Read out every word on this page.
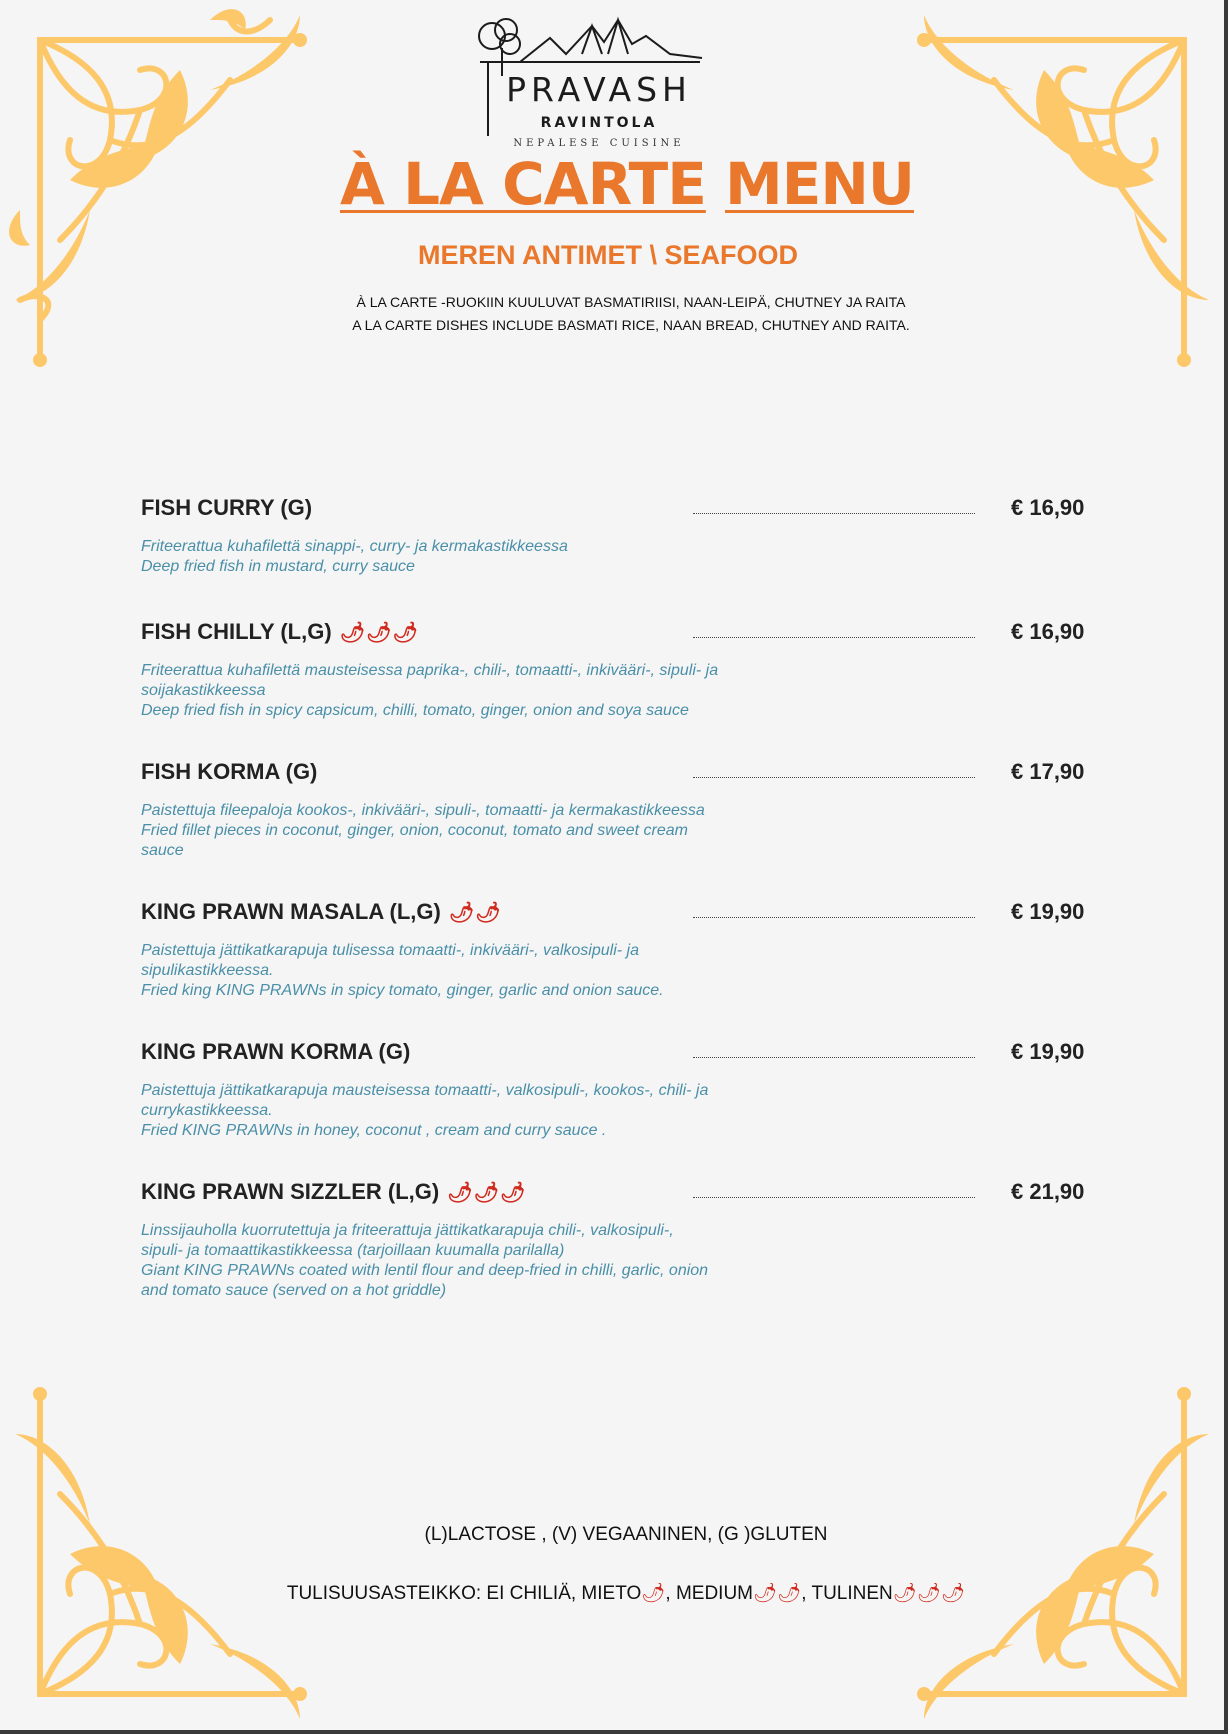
PRAVASH
RAVINTOLA
NEPALESE CUISINE
À LA CARTE MENU
MEREN ANTIMET \ SEAFOOD
À LA CARTE -RUOKIIN KUULUVAT BASMATIRIISI, NAAN-LEIPÄ, CHUTNEY JA RAITA
A LA CARTE DISHES INCLUDE BASMATI RICE, NAAN BREAD, CHUTNEY AND RAITA.
FISH CURRY (G)	€ 16,90
Friteerattua kuhafilettä sinappi-, curry- ja kermakastikkeessa
Deep fried fish in mustard, curry sauce
FISH CHILLY (L,G) 🌶🌶🌶	€ 16,90
Friteerattua kuhafilettä mausteisessa paprika-, chili-, tomaatti-, inkivääri-, sipuli- ja
soijakastikkeessa
Deep fried fish in spicy capsicum, chilli, tomato, ginger, onion and soya sauce
FISH KORMA (G)	€ 17,90
Paistettuja fileepaloja kookos-, inkivääri-, sipuli-, tomaatti- ja kermakastikkeessa
Fried fillet pieces in coconut, ginger, onion, coconut, tomato and sweet cream
sauce
KING PRAWN MASALA (L,G) 🌶🌶	€ 19,90
Paistettuja jättikatkarapuja tulisessa tomaatti-, inkivääri-, valkosipuli- ja
sipulikastikkeessa.
Fried king KING PRAWNs in spicy tomato, ginger, garlic and onion sauce.
KING PRAWN KORMA (G)	€ 19,90
Paistettuja jättikatkarapuja mausteisessa tomaatti-, valkosipuli-, kookos-, chili- ja
currykastikkeessa.
Fried KING PRAWNs in honey, coconut , cream and curry sauce .
KING PRAWN SIZZLER (L,G) 🌶🌶🌶	€ 21,90
Linssijauholla kuorrutettuja ja friteerattuja jättikatkarapuja chili-, valkosipuli-,
sipuli- ja tomaattikastikkeessa (tarjoillaan kuumalla parilalla)
Giant KING PRAWNs coated with lentil flour and deep-fried in chilli, garlic, onion
and tomato sauce (served on a hot griddle)
(L)LACTOSE , (V) VEGAANINEN, (G )GLUTEN
TULISUUSASTEIKKO: EI CHILIÄ, MIETO🌶, MEDIUM🌶🌶, TULINEN🌶🌶🌶
